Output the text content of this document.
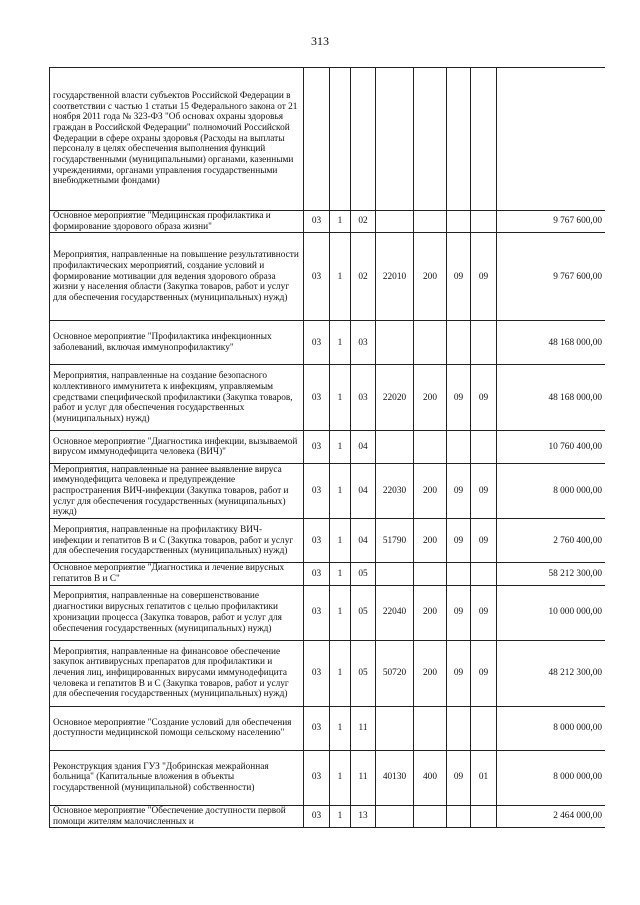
313
государственной власти субъектов Российской Федерации в соответствии с частью 1 статьи 15 Федерального закона от 21 ноября 2011 года № 323-ФЗ "Об основах охраны здоровья граждан в Российской Федерации" полномочий Российской Федерации в сфере охраны здоровья (Расходы на выплаты персоналу в целях обеспечения выполнения функций государственными (муниципальными) органами, казенными учреждениями, органами управления государственными внебюджетными фондами)								
Основное мероприятие "Медицинская профилактика и формирование здорового образа жизни"	03	1	02					9 767 600,00
Мероприятия, направленные на повышение результативности профилактических мероприятий, создание условий и формирование мотивации для ведения здорового образа жизни у населения области (Закупка товаров, работ и услуг для обеспечения государственных (муниципальных) нужд)	03	1	02	22010	200	09	09	9 767 600,00
Основное мероприятие "Профилактика инфекционных заболеваний, включая иммунопрофилактику"	03	1	03					48 168 000,00
Мероприятия, направленные на создание безопасного коллективного иммунитета к инфекциям, управляемым средствами специфической профилактики (Закупка товаров, работ и услуг для обеспечения государственных (муниципальных) нужд)	03	1	03	22020	200	09	09	48 168 000,00
Основное мероприятие "Диагностика инфекции, вызываемой вирусом иммунодефицита человека (ВИЧ)"	03	1	04					10 760 400,00
Мероприятия, направленные на раннее выявление вируса иммунодефицита человека и предупреждение распространения ВИЧ-инфекции (Закупка товаров, работ и услуг для обеспечения государственных (муниципальных) нужд)	03	1	04	22030	200	09	09	8 000 000,00
Мероприятия, направленные на профилактику ВИЧ-инфекции и гепатитов В и С (Закупка товаров, работ и услуг для обеспечения государственных (муниципальных) нужд)	03	1	04	51790	200	09	09	2 760 400,00
Основное мероприятие "Диагностика и лечение вирусных гепатитов В и С"	03	1	05					58 212 300,00
Мероприятия, направленные на совершенствование диагностики вирусных гепатитов с целью профилактики хронизации процесса (Закупка товаров, работ и услуг для обеспечения государственных (муниципальных) нужд)	03	1	05	22040	200	09	09	10 000 000,00
Мероприятия, направленные на финансовое обеспечение закупок антивирусных препаратов для профилактики и лечения лиц, инфицированных вирусами иммунодефицита человека и гепатитов В и С (Закупка товаров, работ и услуг для обеспечения государственных (муниципальных) нужд)	03	1	05	50720	200	09	09	48 212 300,00
Основное мероприятие "Создание условий для обеспечения доступности медицинской помощи сельскому населению"	03	1	11					8 000 000,00
Реконструкция здания ГУЗ "Добринская межрайонная больница" (Капитальные вложения в объекты государственной (муниципальной) собственности)	03	1	11	40130	400	09	01	8 000 000,00
Основное мероприятие "Обеспечение доступности первой помощи жителям малочисленных и	03	1	13					2 464 000,00
